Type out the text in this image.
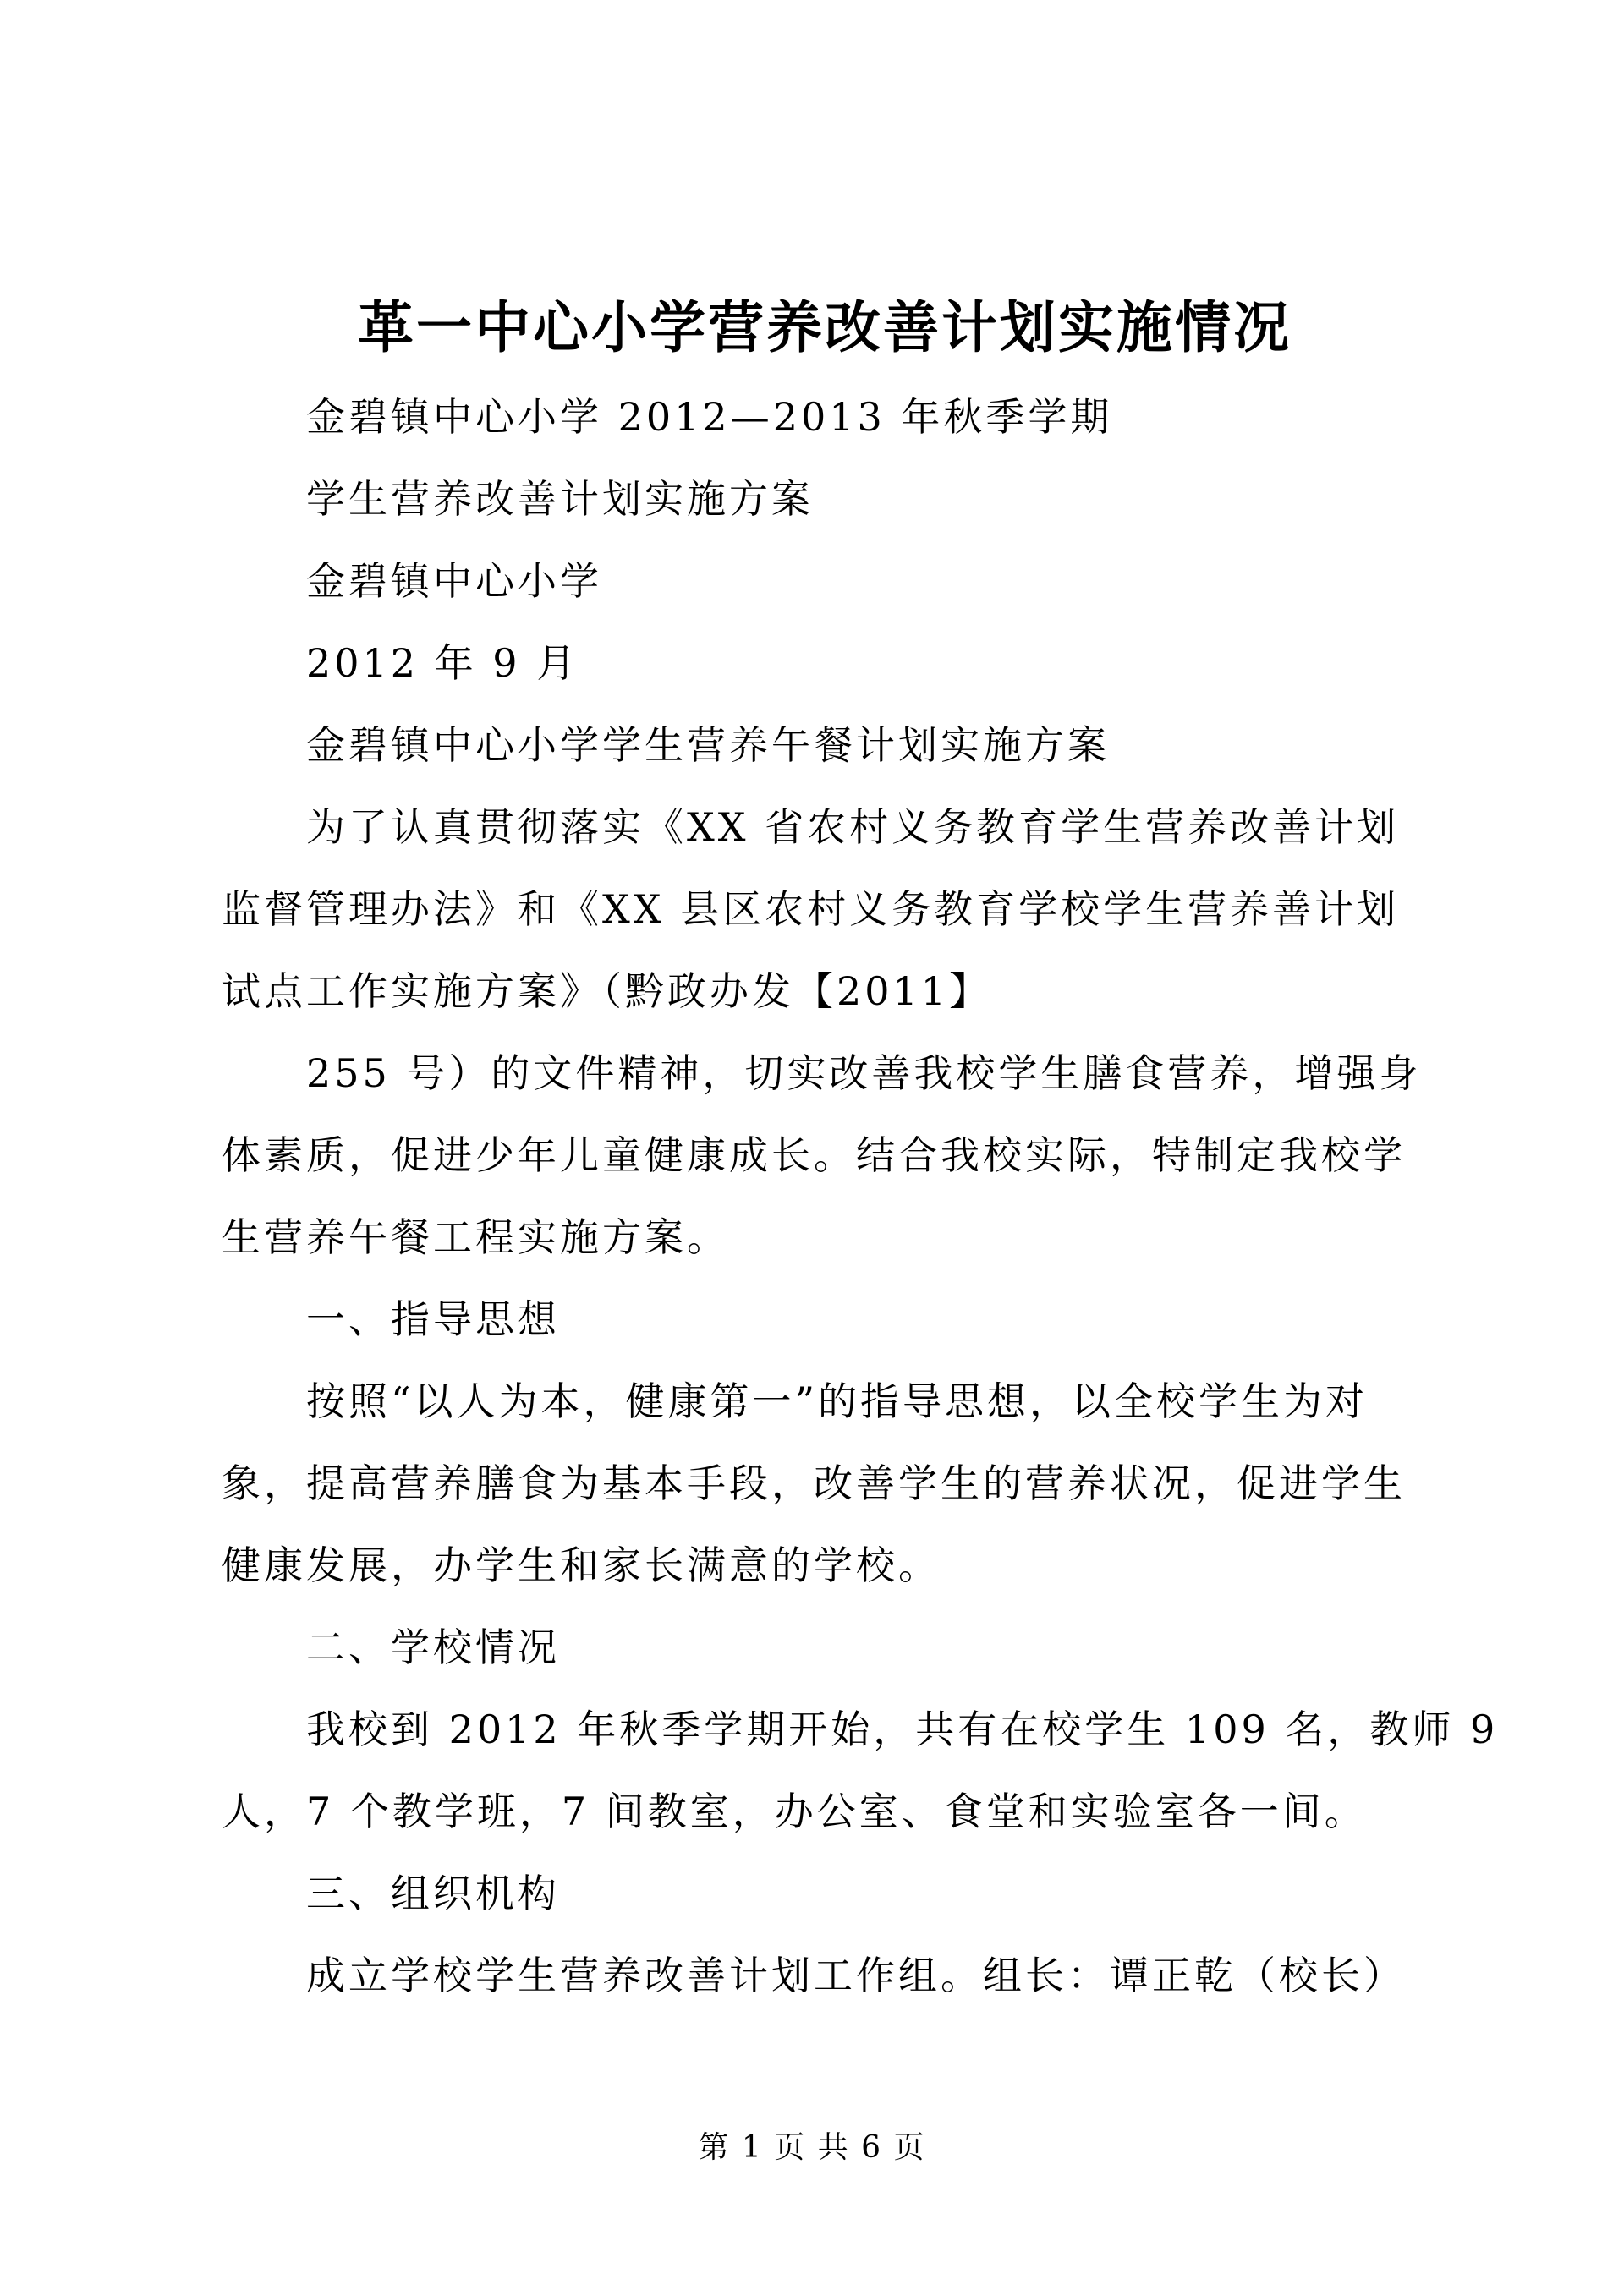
革一中心小学营养改善计划实施情况
金碧镇中心小学 2012—2013 年秋季学期
学生营养改善计划实施方案
金碧镇中心小学
2012 年 9 月
金碧镇中心小学学生营养午餐计划实施方案
为了认真贯彻落实《XX 省农村义务教育学生营养改善计划
监督管理办法》和《XX 县区农村义务教育学校学生营养善计划
试点工作实施方案》（黔政办发【2011】
255 号）的文件精神，切实改善我校学生膳食营养，增强身
体素质，促进少年儿童健康成长。结合我校实际，特制定我校学
生营养午餐工程实施方案。
一、指导思想
按照“以人为本，健康第一”的指导思想，以全校学生为对
象，提高营养膳食为基本手段，改善学生的营养状况，促进学生
健康发展，办学生和家长满意的学校。
二、学校情况
我校到 2012 年秋季学期开始，共有在校学生 109 名，教师 9
人，7 个教学班，7 间教室，办公室、食堂和实验室各一间。
三、组织机构
成立学校学生营养改善计划工作组。组长：谭正乾（校长）
第 1 页 共 6 页
